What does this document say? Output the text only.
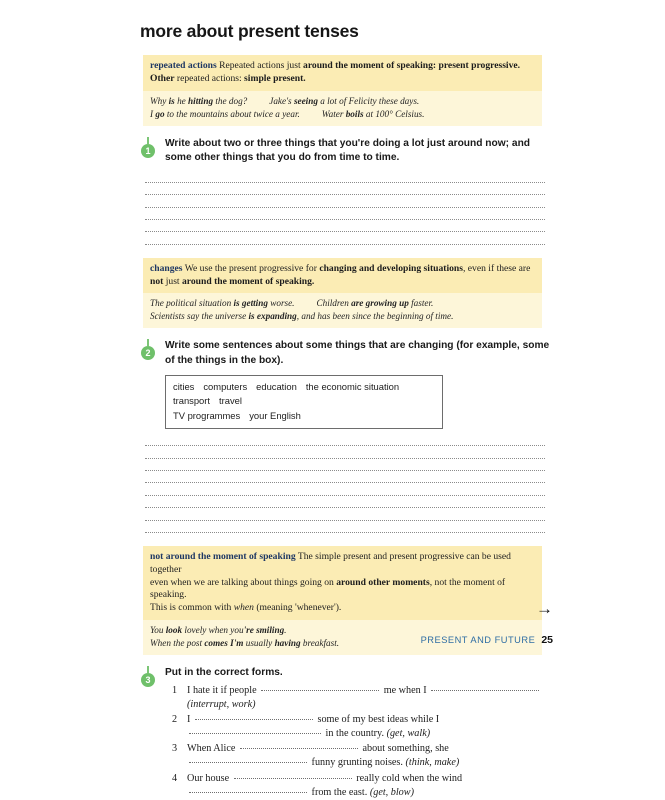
more about present tenses
repeated actions Repeated actions just around the moment of speaking: present progressive.
Other repeated actions: simple present.
Why is he hitting the dog? Jake's seeing a lot of Felicity these days.
I go to the mountains about twice a year. Water boils at 100° Celsius.
1
Write about two or three things that you're doing a lot just around now; and some other things that you do from time to time.
changes We use the present progressive for changing and developing situations, even if these are
not just around the moment of speaking.
The political situation is getting worse. Children are growing up faster.
Scientists say the universe is expanding, and has been since the beginning of time.
2
Write some sentences about some things that are changing (for example, some of the things in the box).
cities computers education the economic situationtransport travel
TV programmes your English
not around the moment of speaking The simple present and present progressive can be used together
even when we are talking about things going on around other moments, not the moment of speaking.
This is common with when (meaning 'whenever').
You look lovely when you're smiling.
When the post comes I'm usually having breakfast.
3
Put in the correct forms.
1 I hate it if people	me when I
(interrupt, work)
2 I	some of my best ideas while I  in the country. (get, walk)
3 When Alice	about something, she  funny grunting noises. (think, make)
4 Our house	really cold when the wind  from the east. (get, blow)
→
PRESENT AND FUTURE 25
